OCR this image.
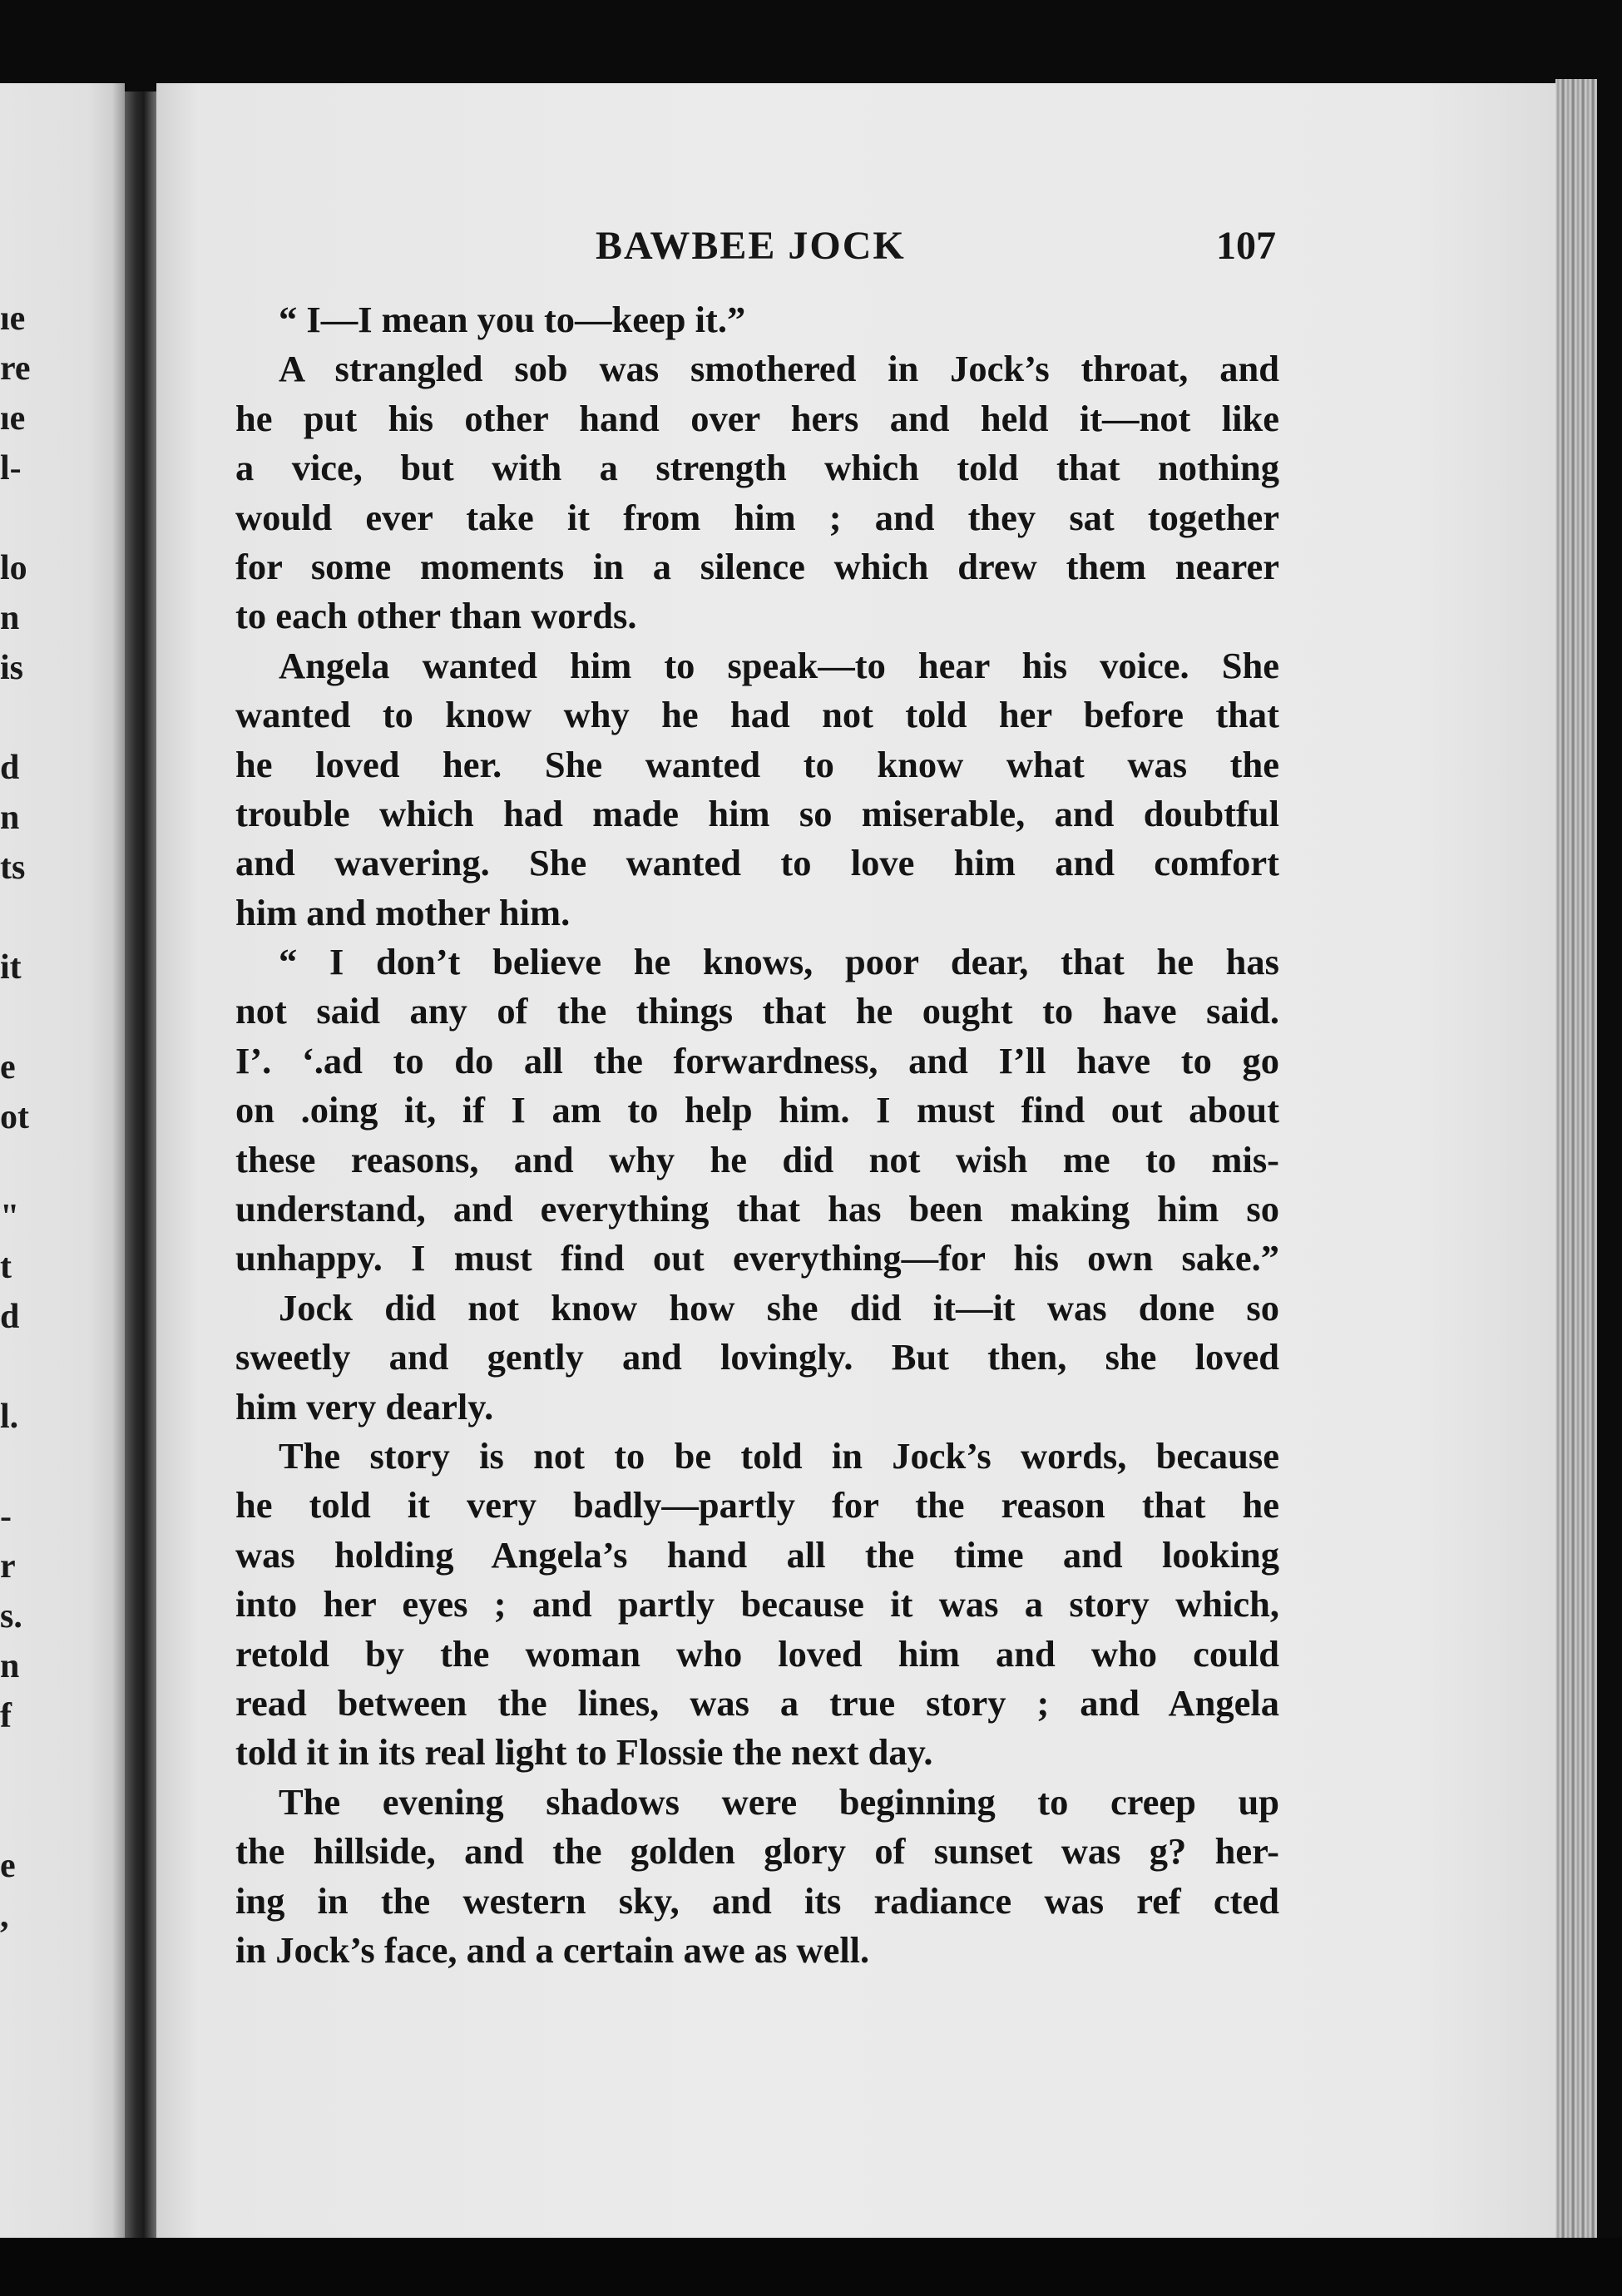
ıe
re
ıe
l-
lo
n
is
d
n
ts
it
e
ot
"
t
d
l.
-
r
s.
n
f
e
,
BAWBEE JOCK	107
“ I—I mean you to—keep it.”
A strangled sob was smothered in Jock’s throat, and
he put his other hand over hers and held it—not like
a vice, but with a strength which told that nothing
would ever take it from him ; and they sat together
for some moments in a silence which drew them nearer
to each other than words.
Angela wanted him to speak—to hear his voice. She
wanted to know why he had not told her before that
he loved her. She wanted to know what was the
trouble which had made him so miserable, and doubtful
and wavering. She wanted to love him and comfort
him and mother him.
“ I don’t believe he knows, poor dear, that he has
not said any of the things that he ought to have said.
I’. ‘.ad to do all the forwardness, and I’ll have to go
on .oing it, if I am to help him. I must find out about
these reasons, and why he did not wish me to mis-
understand, and everything that has been making him so
unhappy. I must find out everything—for his own sake.”
Jock did not know how she did it—it was done so
sweetly and gently and lovingly. But then, she loved
him very dearly.
The story is not to be told in Jock’s words, because
he told it very badly—partly for the reason that he
was holding Angela’s hand all the time and looking
into her eyes ; and partly because it was a story which,
retold by the woman who loved him and who could
read between the lines, was a true story ; and Angela
told it in its real light to Flossie the next day.
The evening shadows were beginning to creep up
the hillside, and the golden glory of sunset was g? her-
ing in the western sky, and its radiance was ref cted
in Jock’s face, and a certain awe as well.
